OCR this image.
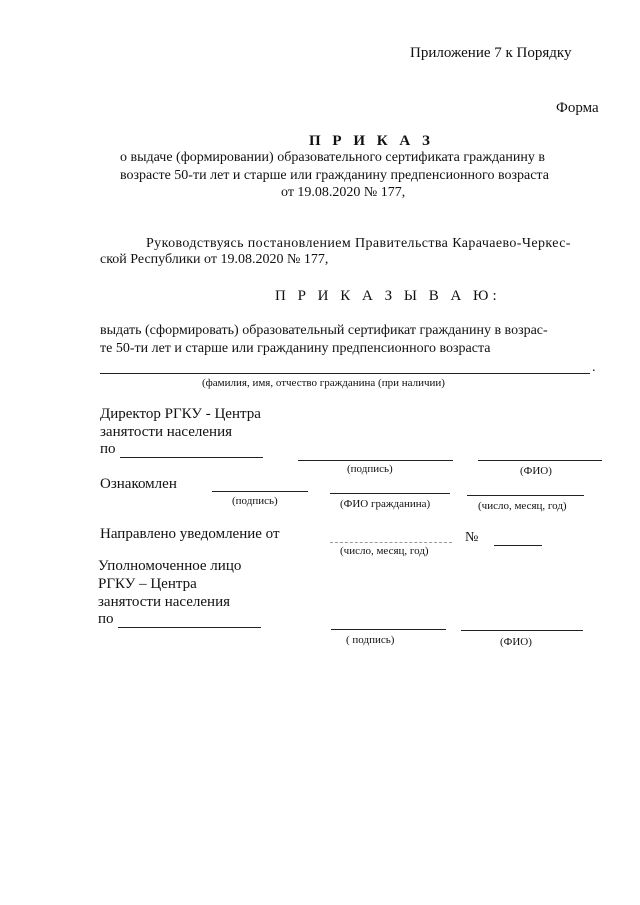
Приложение 7 к Порядку
Форма
П Р И К А З
о выдаче (формировании) образовательного сертификата гражданину в
возрасте 50-ти лет и старше или гражданину предпенсионного возраста
от 19.08.2020 № 177,
Руководствуясь постановлением Правительства Карачаево-Черкес-
ской Республики от 19.08.2020 № 177,
П Р И К А З Ы В А Ю:
выдать (сформировать) образовательный сертификат гражданину в возрас-
те 50-ти лет и старше или гражданину предпенсионного возраста
.
(фамилия, имя, отчество гражданина (при наличии)
Директор РГКУ - Центра
занятости населения
по
(подпись)	(ФИО)
Ознакомлен
(подпись)	(ФИО гражданина)	(число, месяц, год)
Направлено уведомление от	№
(число, месяц, год)
Уполномоченное лицо
РГКУ – Центра
занятости населения
по
( подпись)	(ФИО)
